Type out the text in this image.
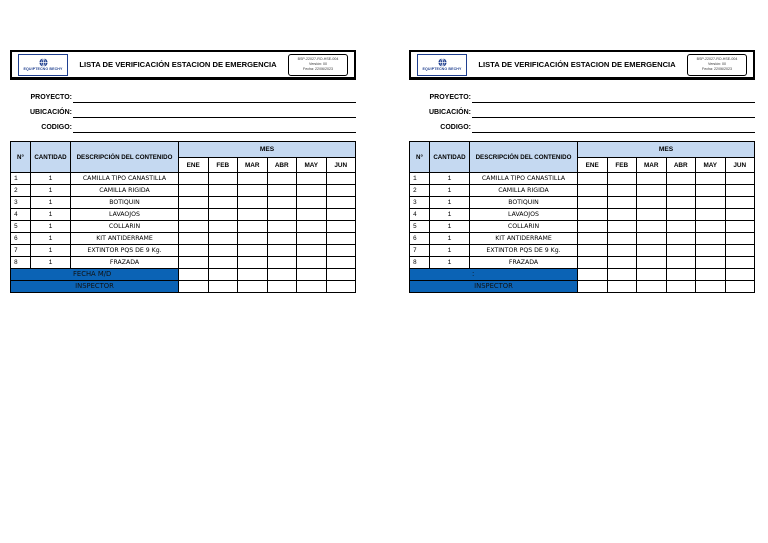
EQUIPTECNO BECHY	LISTA DE VERIFICACIÓN ESTACION DE EMERGENCIA
BSP-22027-RO-HSE-004
Versión: 00
Fecha: 22/06/2023
PROYECTO:
UBICACIÓN:
CODIGO:
N°	CANTIDAD	DESCRIPCIÓN DEL CONTENIDO	MES					
			ENE	FEB	MAR	ABR	MAY	JUN
1	1	CAMILLA TIPO CANASTILLA						
2	1	CAMILLA RIGIDA						
3	1	BOTIQUIN						
4	1	LAVAOJOS						
5	1	COLLARIN						
6	1	KIT ANTIDERRAME						
7	1	EXTINTOR PQS DE 9 Kg.						
8	1	FRAZADA						
FECHA M/D								
INSPECTOR								
EQUIPTECNO BECHY	LISTA DE VERIFICACIÓN ESTACION DE EMERGENCIA
BSP-22027-RO-HSE-004
Versión: 00
Fecha: 22/06/2023
PROYECTO:
UBICACIÓN:
CODIGO:
N°	CANTIDAD	DESCRIPCIÓN DEL CONTENIDO	MES					
			ENE	FEB	MAR	ABR	MAY	JUN
1	1	CAMILLA TIPO CANASTILLA						
2	1	CAMILLA RIGIDA						
3	1	BOTIQUIN						
4	1	LAVAOJOS						
5	1	COLLARIN						
6	1	KIT ANTIDERRAME						
7	1	EXTINTOR PQS DE 9 Kg.						
8	1	FRAZADA						
:								
INSPECTOR								
